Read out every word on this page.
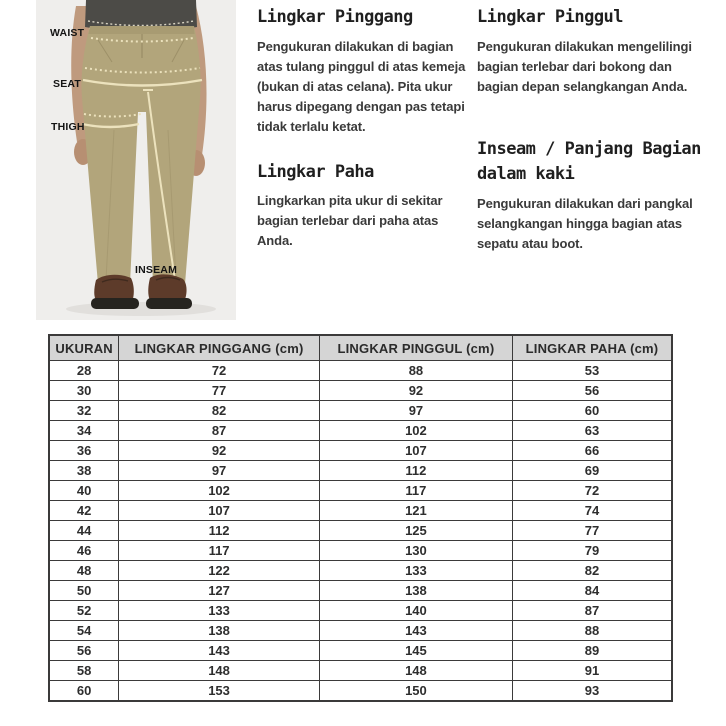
WAIST
SEAT
THIGH
INSEAM
Lingkar Pinggang

Pengukuran dilakukan di bagian atas tulang pinggul di atas kemeja (bukan di atas celana). Pita ukur harus dipegang dengan pas tetapi tidak terlalu ketat.

Lingkar Paha

Lingkarkan pita ukur di sekitar bagian terlebar dari paha atas Anda.

Lingkar Pinggul

Pengukuran dilakukan mengelilingi bagian terlebar dari bokong dan bagian depan selangkangan Anda.

Inseam / Panjang Bagian dalam kaki

Pengukuran dilakukan dari pangkal selangkangan hingga bagian atas sepatu atau boot.

UKURAN	LINGKAR PINGGANG (cm)	LINGKAR PINGGUL (cm)	LINGKAR PAHA (cm)
28	72	88	53
30	77	92	56
32	82	97	60
34	87	102	63
36	92	107	66
38	97	112	69
40	102	117	72
42	107	121	74
44	112	125	77
46	117	130	79
48	122	133	82
50	127	138	84
52	133	140	87
54	138	143	88
56	143	145	89
58	148	148	91
60	153	150	93
